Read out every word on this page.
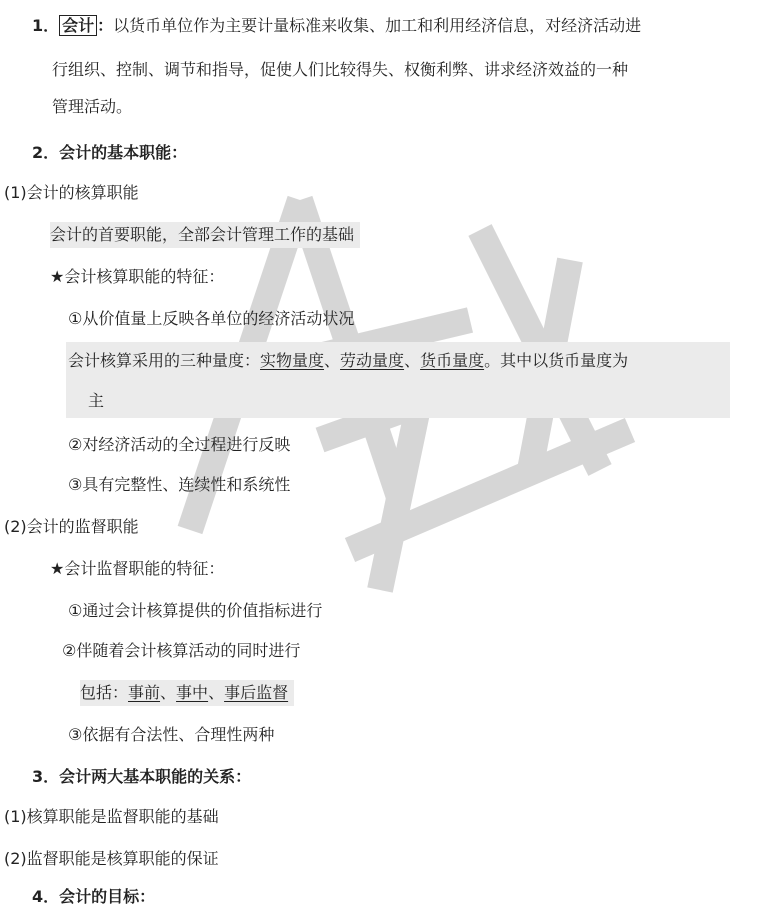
1． 会计 ：以货币单位作为主要计量标准来收集、加工和利用经济信息，对经济活动进
行组织、控制、调节和指导，促使人们比较得失、权衡利弊、讲求经济效益的一种
管理活动。
2．会计的基本职能：
(1)会计的核算职能
会计的首要职能，全部会计管理工作的基础
★会计核算职能的特征：
①从价值量上反映各单位的经济活动状况
会计核算采用的三种量度：实物量度、劳动量度、货币量度。其中以货币量度为
主
②对经济活动的全过程进行反映
③具有完整性、连续性和系统性
(2)会计的监督职能
★会计监督职能的特征：
①通过会计核算提供的价值指标进行
②伴随着会计核算活动的同时进行
包括：事前、事中、事后监督
③依据有合法性、合理性两种
3．会计两大基本职能的关系：
(1)核算职能是监督职能的基础
(2)监督职能是核算职能的保证
4．会计的目标：
